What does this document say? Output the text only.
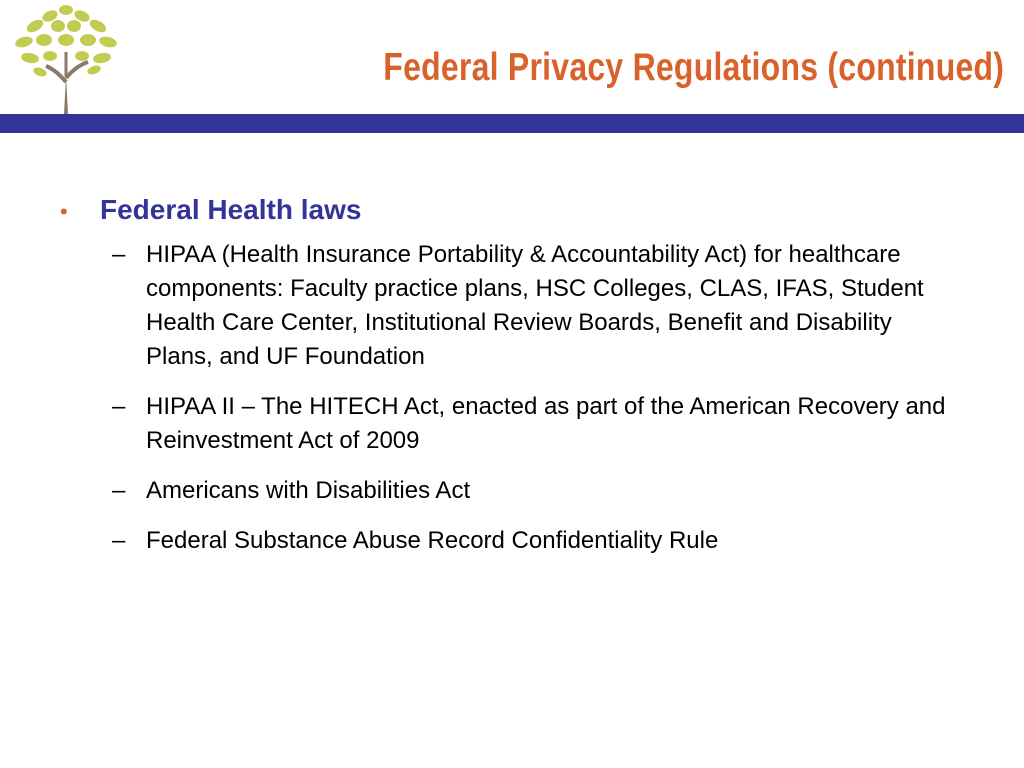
Federal Privacy Regulations (continued)
•	Federal Health laws
– HIPAA (Health Insurance Portability & Accountability Act) for healthcare components: Faculty practice plans, HSC Colleges, CLAS, IFAS, Student Health Care Center, Institutional Review Boards, Benefit and Disability Plans, and UF Foundation
– HIPAA II – The HITECH Act, enacted as part of the American Recovery and Reinvestment Act of 2009
– Americans with Disabilities Act
– Federal Substance Abuse Record Confidentiality Rule
